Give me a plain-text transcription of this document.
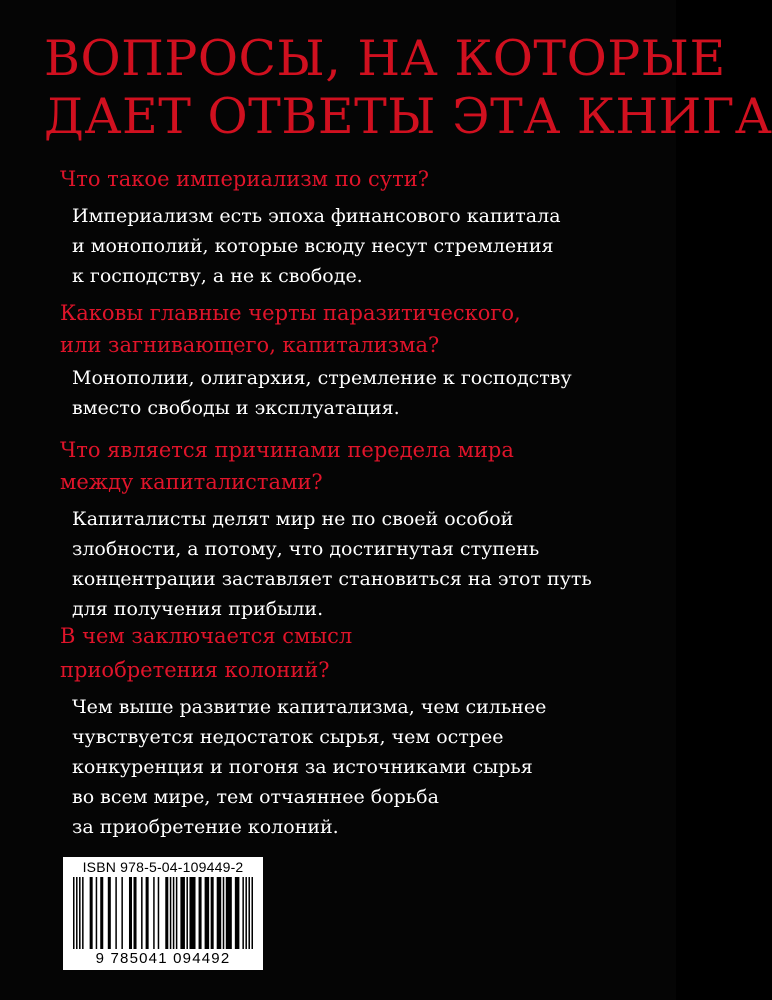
ВОПРОСЫ, НА КОТОРЫЕ
ДАЕТ ОТВЕТЫ ЭТА КНИГА
Что такое империализм по сути?
Империализм есть эпоха финансового капитала
и монополий, которые всюду несут стремления
к господству, а не к свободе.
Каковы главные черты паразитического,
или загнивающего, капитализма?
Монополии, олигархия, стремление к господству
вместо свободы и эксплуатация.
Что является причинами передела мира
между капиталистами?
Капиталисты делят мир не по своей особой
злобности, а потому, что достигнутая ступень
концентрации заставляет становиться на этот путь
для получения прибыли.
В чем заключается смысл
приобретения колоний?
Чем выше развитие капитализма, чем сильнее
чувствуется недостаток сырья, чем острее
конкуренция и погоня за источниками сырья
во всем мире, тем отчаяннее борьба
за приобретение колоний.
ISBN 978-5-04-109449-2
9 785041 094492
